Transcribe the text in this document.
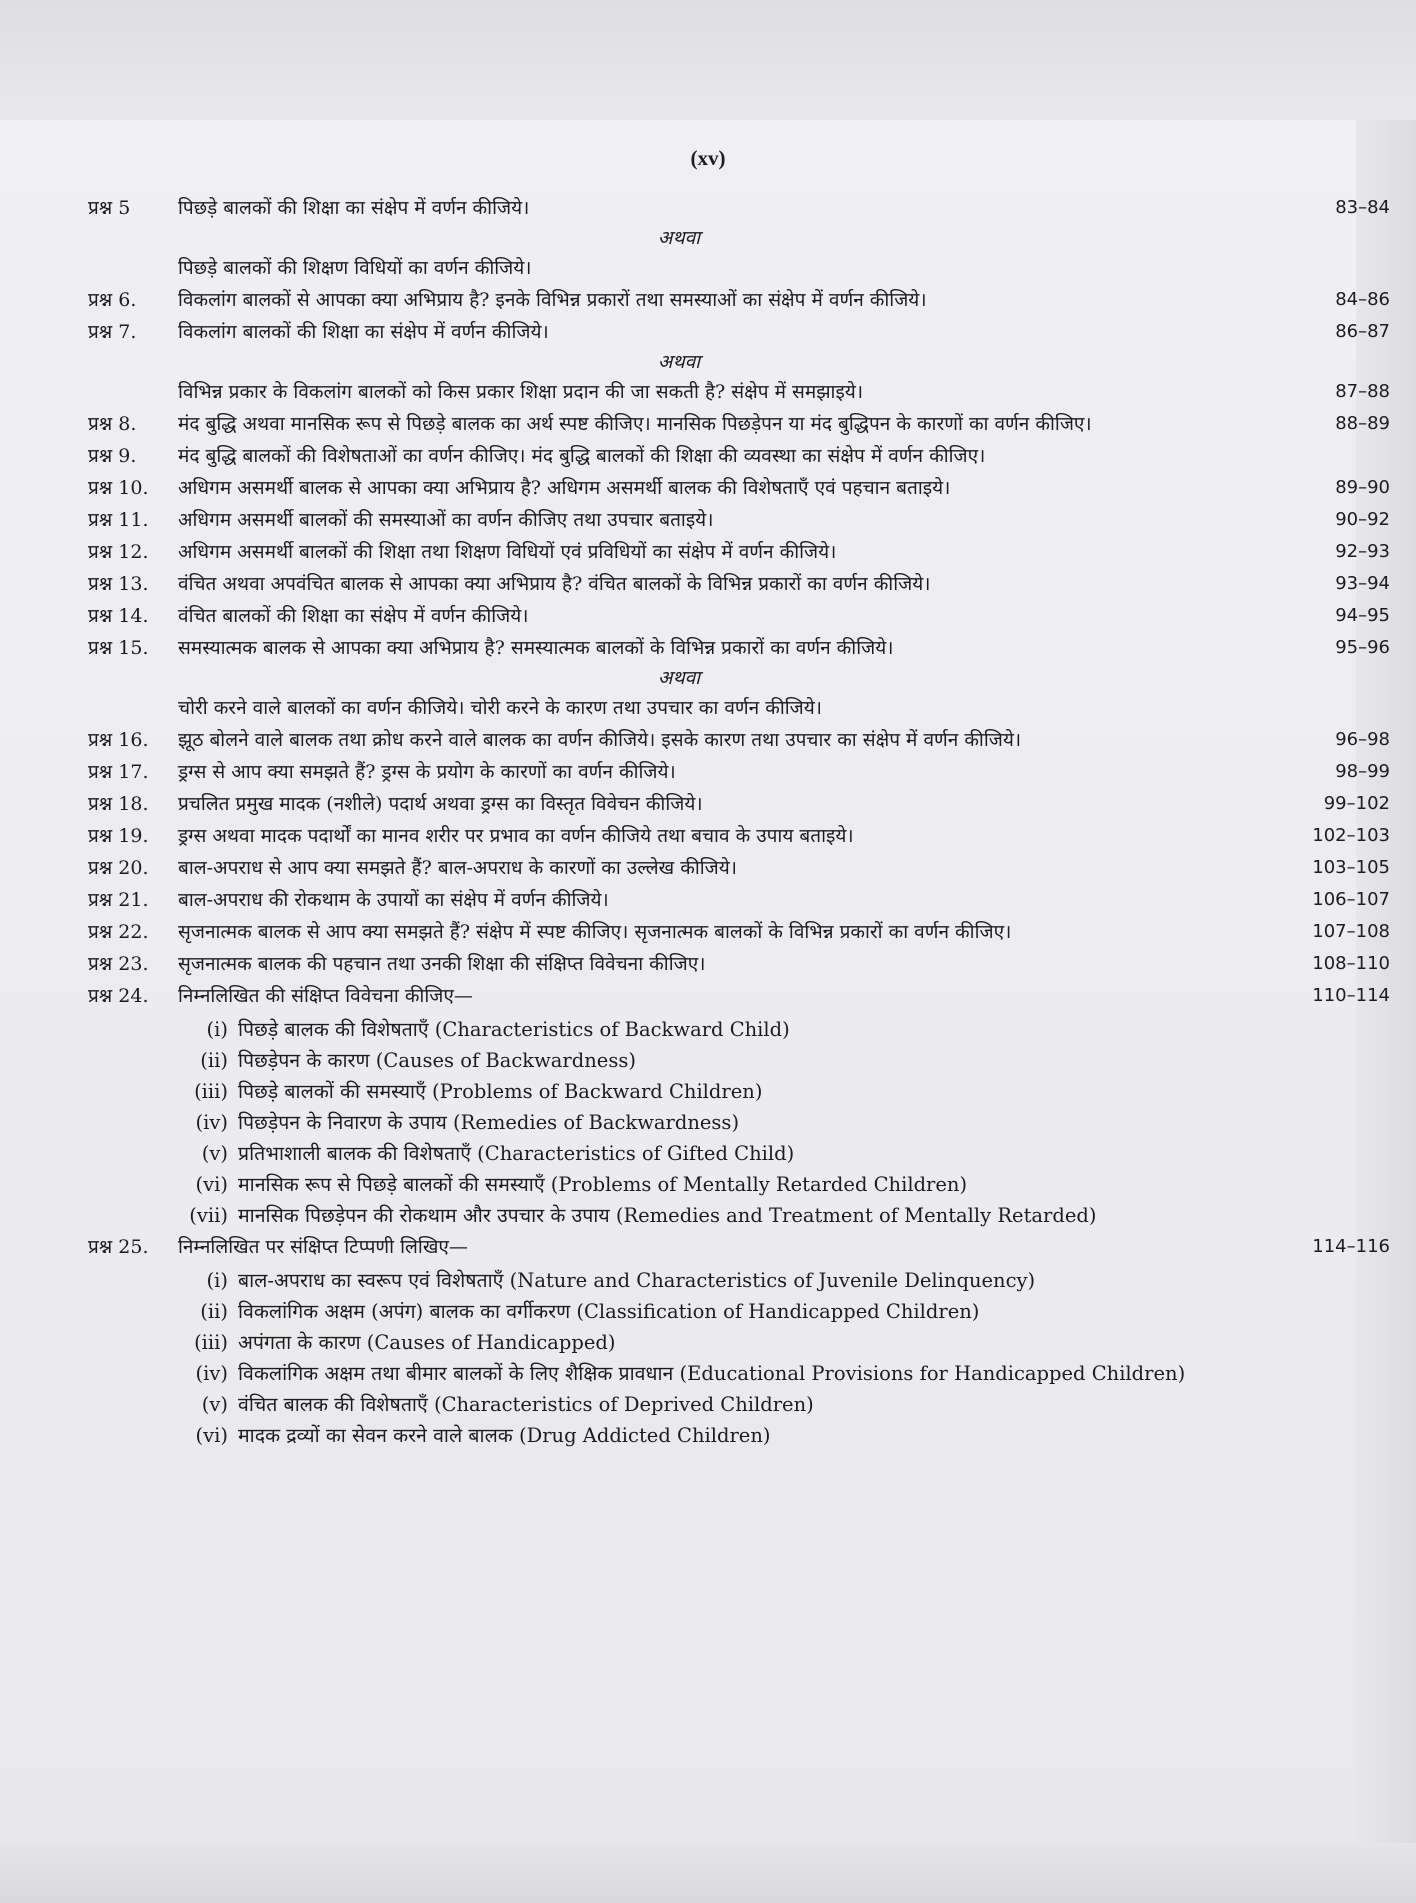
(xv)
प्रश्न 5	पिछड़े बालकों की शिक्षा का संक्षेप में वर्णन कीजिये।	83–84
अथवा
पिछड़े बालकों की शिक्षण विधियों का वर्णन कीजिये।
प्रश्न 6.	विकलांग बालकों से आपका क्या अभिप्राय है? इनके विभिन्न प्रकारों तथा समस्याओं का संक्षेप में वर्णन कीजिये।	84–86
प्रश्न 7.	विकलांग बालकों की शिक्षा का संक्षेप में वर्णन कीजिये।	86–87
अथवा
विभिन्न प्रकार के विकलांग बालकों को किस प्रकार शिक्षा प्रदान की जा सकती है? संक्षेप में समझाइये।	87–88
प्रश्न 8.	मंद बुद्धि अथवा मानसिक रूप से पिछड़े बालक का अर्थ स्पष्ट कीजिए। मानसिक पिछड़ेपन या मंद बुद्धिपन के कारणों का वर्णन कीजिए।	88–89
प्रश्न 9.	मंद बुद्धि बालकों की विशेषताओं का वर्णन कीजिए। मंद बुद्धि बालकों की शिक्षा की व्यवस्था का संक्षेप में वर्णन कीजिए।
प्रश्न 10.	अधिगम असमर्थी बालक से आपका क्या अभिप्राय है? अधिगम असमर्थी बालक की विशेषताएँ एवं पहचान बताइये।	89–90
प्रश्न 11.	अधिगम असमर्थी बालकों की समस्याओं का वर्णन कीजिए तथा उपचार बताइये।	90–92
प्रश्न 12.	अधिगम असमर्थी बालकों की शिक्षा तथा शिक्षण विधियों एवं प्रविधियों का संक्षेप में वर्णन कीजिये।	92–93
प्रश्न 13.	वंचित अथवा अपवंचित बालक से आपका क्या अभिप्राय है? वंचित बालकों के विभिन्न प्रकारों का वर्णन कीजिये।	93–94
प्रश्न 14.	वंचित बालकों की शिक्षा का संक्षेप में वर्णन कीजिये।	94–95
प्रश्न 15.	समस्यात्मक बालक से आपका क्या अभिप्राय है? समस्यात्मक बालकों के विभिन्न प्रकारों का वर्णन कीजिये।	95–96
अथवा
चोरी करने वाले बालकों का वर्णन कीजिये। चोरी करने के कारण तथा उपचार का वर्णन कीजिये।
प्रश्न 16.	झूठ बोलने वाले बालक तथा क्रोध करने वाले बालक का वर्णन कीजिये। इसके कारण तथा उपचार का संक्षेप में वर्णन कीजिये।	96–98
प्रश्न 17.	ड्रग्स से आप क्या समझते हैं? ड्रग्स के प्रयोग के कारणों का वर्णन कीजिये।	98–99
प्रश्न 18.	प्रचलित प्रमुख मादक (नशीले) पदार्थ अथवा ड्रग्स का विस्तृत विवेचन कीजिये।	99–102
प्रश्न 19.	ड्रग्स अथवा मादक पदार्थों का मानव शरीर पर प्रभाव का वर्णन कीजिये तथा बचाव के उपाय बताइये।	102–103
प्रश्न 20.	बाल-अपराध से आप क्या समझते हैं? बाल-अपराध के कारणों का उल्लेख कीजिये।	103–105
प्रश्न 21.	बाल-अपराध की रोकथाम के उपायों का संक्षेप में वर्णन कीजिये।	106–107
प्रश्न 22.	सृजनात्मक बालक से आप क्या समझते हैं? संक्षेप में स्पष्ट कीजिए। सृजनात्मक बालकों के विभिन्न प्रकारों का वर्णन कीजिए।	107–108
प्रश्न 23.	सृजनात्मक बालक की पहचान तथा उनकी शिक्षा की संक्षिप्त विवेचना कीजिए।	108–110
प्रश्न 24.	निम्नलिखित की संक्षिप्त विवेचना कीजिए—	110–114
(i) पिछड़े बालक की विशेषताएँ (Characteristics of Backward Child)
(ii) पिछड़ेपन के कारण (Causes of Backwardness)
(iii) पिछड़े बालकों की समस्याएँ (Problems of Backward Children)
(iv) पिछड़ेपन के निवारण के उपाय (Remedies of Backwardness)
(v) प्रतिभाशाली बालक की विशेषताएँ (Characteristics of Gifted Child)
(vi) मानसिक रूप से पिछड़े बालकों की समस्याएँ (Problems of Mentally Retarded Children)
(vii) मानसिक पिछड़ेपन की रोकथाम और उपचार के उपाय (Remedies and Treatment of Mentally Retarded)
प्रश्न 25.	निम्नलिखित पर संक्षिप्त टिप्पणी लिखिए—	114–116
(i) बाल-अपराध का स्वरूप एवं विशेषताएँ (Nature and Characteristics of Juvenile Delinquency)
(ii) विकलांगिक अक्षम (अपंग) बालक का वर्गीकरण (Classification of Handicapped Children)
(iii) अपंगता के कारण (Causes of Handicapped)
(iv) विकलांगिक अक्षम तथा बीमार बालकों के लिए शैक्षिक प्रावधान (Educational Provisions for Handicapped Children)
(v) वंचित बालक की विशेषताएँ (Characteristics of Deprived Children)
(vi) मादक द्रव्यों का सेवन करने वाले बालक (Drug Addicted Children)
